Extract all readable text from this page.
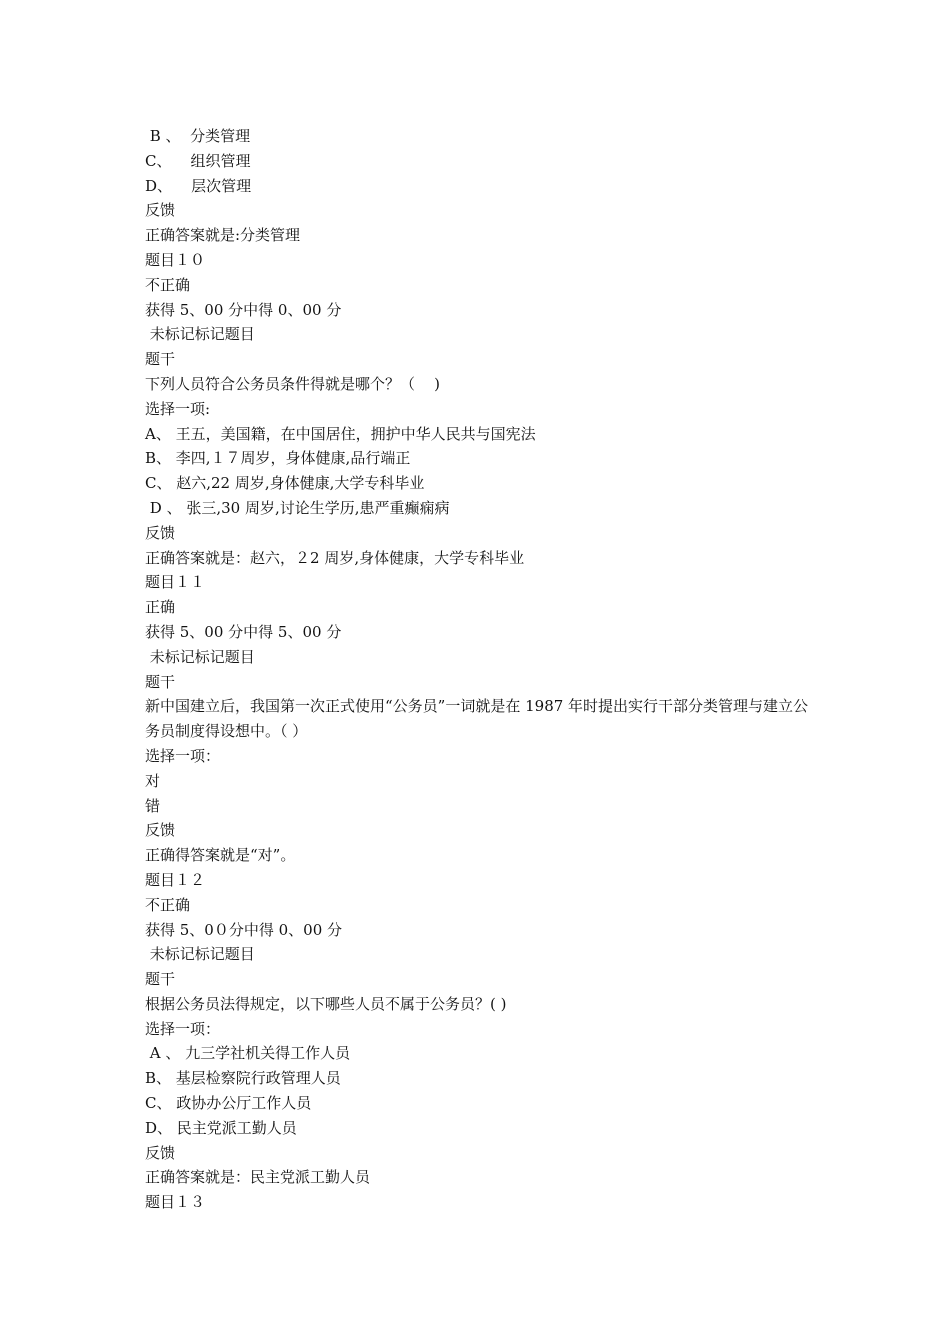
B 、  分类管理
C、    组织管理
D、    层次管理
反馈
正确答案就是:分类管理
题目１０
不正确
获得 5、00 分中得 0、00 分
未标记标记题目
题干
下列人员符合公务员条件得就是哪个？（    )
选择一项:
A、 王五，美国籍，在中国居住，拥护中华人民共与国宪法
B、 李四,１７周岁，身体健康,品行端正
C、 赵六,22 周岁,身体健康,大学专科毕业
D 、 张三,30 周岁,讨论生学历,患严重癫痫病
反馈
正确答案就是：赵六，２2 周岁,身体健康，大学专科毕业
题目１１
正确
获得 5、00 分中得 5、00 分
未标记标记题目
题干
新中国建立后，我国第一次正式使用“公务员”一词就是在 1987 年时提出实行干部分类管理与建立公务员制度得设想中。（ ）
选择一项：
对
错
反馈
正确得答案就是“对”。
题目１２
不正确
获得 5、0０分中得 0、00 分
未标记标记题目
题干
根据公务员法得规定，以下哪些人员不属于公务员？( )
选择一项：
A 、 九三学社机关得工作人员
B、 基层检察院行政管理人员
C、 政协办公厅工作人员
D、 民主党派工勤人员
反馈
正确答案就是：民主党派工勤人员
题目１３
